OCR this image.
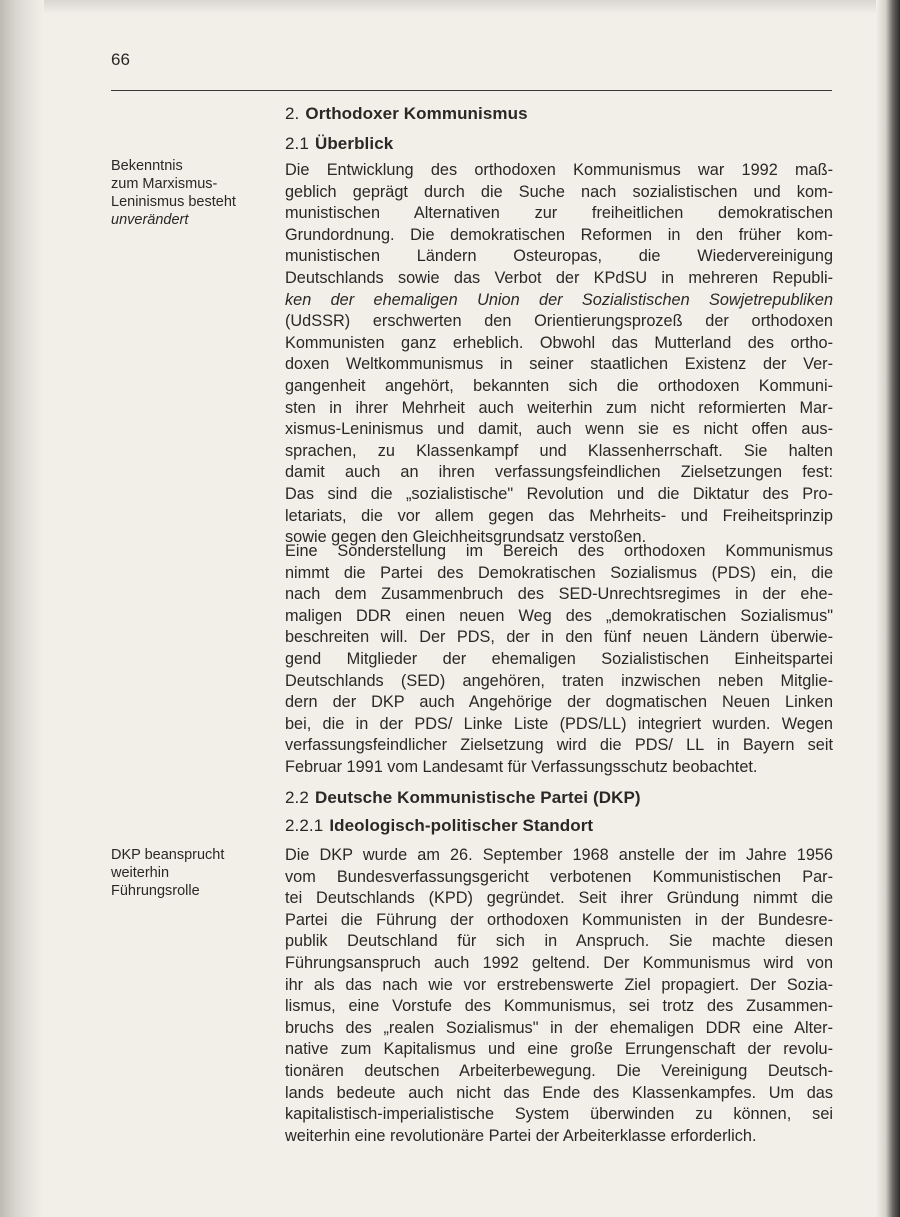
66

Bekenntnis
zum Marxismus-
Leninismus besteht
unverändert
DKP beansprucht
weiterhin
Führungsrolle
2. Orthodoxer Kommunismus
2.1 Überblick
Die Entwicklung des orthodoxen Kommunismus war 1992 maß-
geblich geprägt durch die Suche nach sozialistischen und kom-
munistischen Alternativen zur freiheitlichen demokratischen
Grundordnung. Die demokratischen Reformen in den früher kom-
munistischen Ländern Osteuropas, die Wiedervereinigung
Deutschlands sowie das Verbot der KPdSU in mehreren Republi-
ken der ehemaligen Union der Sozialistischen Sowjetrepubliken
(UdSSR) erschwerten den Orientierungsprozeß der orthodoxen
Kommunisten ganz erheblich. Obwohl das Mutterland des ortho-
doxen Weltkommunismus in seiner staatlichen Existenz der Ver-
gangenheit angehört, bekannten sich die orthodoxen Kommuni-
sten in ihrer Mehrheit auch weiterhin zum nicht reformierten Mar-
xismus-Leninismus und damit, auch wenn sie es nicht offen aus-
sprachen, zu Klassenkampf und Klassenherrschaft. Sie halten
damit auch an ihren verfassungsfeindlichen Zielsetzungen fest:
Das sind die „sozialistische" Revolution und die Diktatur des Pro-
letariats, die vor allem gegen das Mehrheits- und Freiheitsprinzip
sowie gegen den Gleichheitsgrundsatz verstoßen.
Eine Sonderstellung im Bereich des orthodoxen Kommunismus
nimmt die Partei des Demokratischen Sozialismus (PDS) ein, die
nach dem Zusammenbruch des SED-Unrechtsregimes in der ehe-
maligen DDR einen neuen Weg des „demokratischen Sozialismus"
beschreiten will. Der PDS, der in den fünf neuen Ländern überwie-
gend Mitglieder der ehemaligen Sozialistischen Einheitspartei
Deutschlands (SED) angehören, traten inzwischen neben Mitglie-
dern der DKP auch Angehörige der dogmatischen Neuen Linken
bei, die in der PDS/ Linke Liste (PDS/LL) integriert wurden. Wegen
verfassungsfeindlicher Zielsetzung wird die PDS/ LL in Bayern seit
Februar 1991 vom Landesamt für Verfassungsschutz beobachtet.
2.2 Deutsche Kommunistische Partei (DKP)
2.2.1 Ideologisch-politischer Standort
Die DKP wurde am 26. September 1968 anstelle der im Jahre 1956
vom Bundesverfassungsgericht verbotenen Kommunistischen Par-
tei Deutschlands (KPD) gegründet. Seit ihrer Gründung nimmt die
Partei die Führung der orthodoxen Kommunisten in der Bundesre-
publik Deutschland für sich in Anspruch. Sie machte diesen
Führungsanspruch auch 1992 geltend. Der Kommunismus wird von
ihr als das nach wie vor erstrebenswerte Ziel propagiert. Der Sozia-
lismus, eine Vorstufe des Kommunismus, sei trotz des Zusammen-
bruchs des „realen Sozialismus" in der ehemaligen DDR eine Alter-
native zum Kapitalismus und eine große Errungenschaft der revolu-
tionären deutschen Arbeiterbewegung. Die Vereinigung Deutsch-
lands bedeute auch nicht das Ende des Klassenkampfes. Um das
kapitalistisch-imperialistische System überwinden zu können, sei
weiterhin eine revolutionäre Partei der Arbeiterklasse erforderlich.
